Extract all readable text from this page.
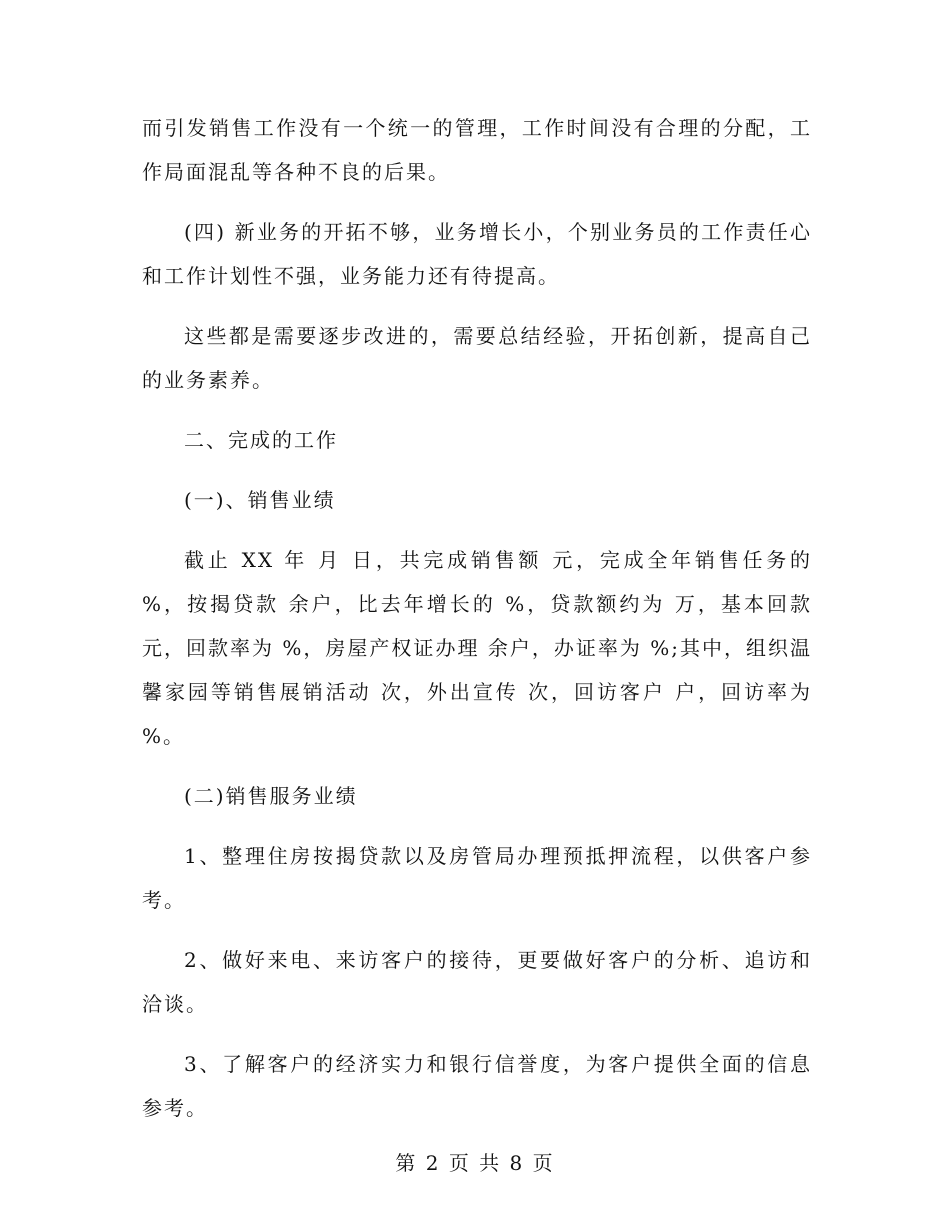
而引发销售工作没有一个统一的管理，工作时间没有合理的分配，工作局面混乱等各种不良的后果。

(四) 新业务的开拓不够，业务增长小，个别业务员的工作责任心和工作计划性不强，业务能力还有待提高。

这些都是需要逐步改进的，需要总结经验，开拓创新，提高自己的业务素养。

二、完成的工作

(一)、销售业绩

截止 XX 年 月 日，共完成销售额 元，完成全年销售任务的 %，按揭贷款 余户，比去年增长的 %，贷款额约为 万，基本回款 元，回款率为 %，房屋产权证办理 余户，办证率为 %;其中，组织温馨家园等销售展销活动 次，外出宣传 次，回访客户 户，回访率为 %。

(二)销售服务业绩

1、整理住房按揭贷款以及房管局办理预抵押流程，以供客户参考。

2、做好来电、来访客户的接待，更要做好客户的分析、追访和洽谈。

3、了解客户的经济实力和银行信誉度，为客户提供全面的信息参考。

第 2 页 共 8 页
